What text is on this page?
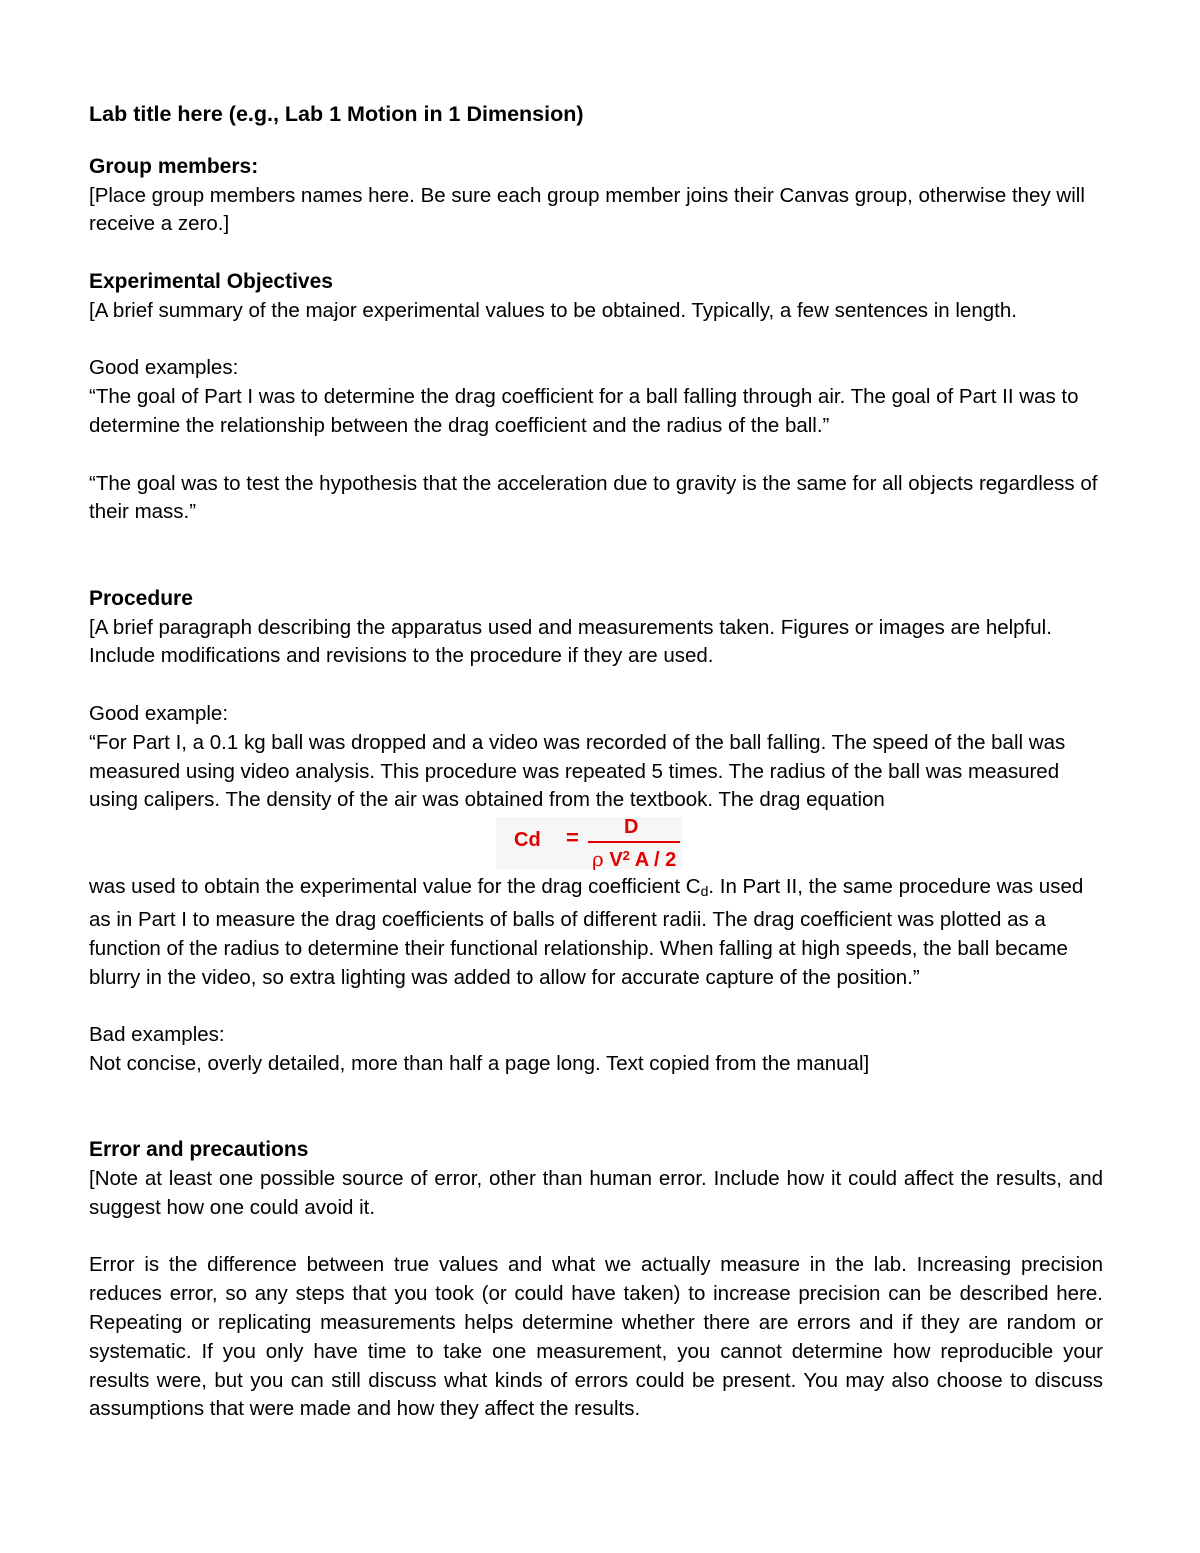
Lab title here (e.g., Lab 1 Motion in 1 Dimension)

Group members:

[Place group members names here. Be sure each group member joins their Canvas group, otherwise they will receive a zero.]

Experimental Objectives

[A brief summary of the major experimental values to be obtained. Typically, a few sentences in length.

Good examples:

“The goal of Part I was to determine the drag coefficient for a ball falling through air. The goal of Part II was to determine the relationship between the drag coefficient and the radius of the ball.”

“The goal was to test the hypothesis that the acceleration due to gravity is the same for all objects regardless of their mass.”

Procedure

[A brief paragraph describing the apparatus used and measurements taken. Figures or images are helpful. Include modifications and revisions to the procedure if they are used.

Good example:

“For Part I, a 0.1 kg ball was dropped and a video was recorded of the ball falling. The speed of the ball was measured using video analysis. This procedure was repeated 5 times. The radius of the ball was measured using calipers. The density of the air was obtained from the textbook. The drag equation

Cd = D
ρ $V^2$ A / 2

was used to obtain the experimental value for the drag coefficient $C_d$. In Part II, the same procedure was used as in Part I to measure the drag coefficients of balls of different radii. The drag coefficient was plotted as a function of the radius to determine their functional relationship. When falling at high speeds, the ball became blurry in the video, so extra lighting was added to allow for accurate capture of the position.”

Bad examples:

Not concise, overly detailed, more than half a page long. Text copied from the manual]

Error and precautions

[Note at least one possible source of error, other than human error. Include how it could affect the results, and suggest how one could avoid it.

Error is the difference between true values and what we actually measure in the lab. Increasing precision reduces error, so any steps that you took (or could have taken) to increase precision can be described here. Repeating or replicating measurements helps determine whether there are errors and if they are random or systematic. If you only have time to take one measurement, you cannot determine how reproducible your results were, but you can still discuss what kinds of errors could be present. You may also choose to discuss assumptions that were made and how they affect the results.
